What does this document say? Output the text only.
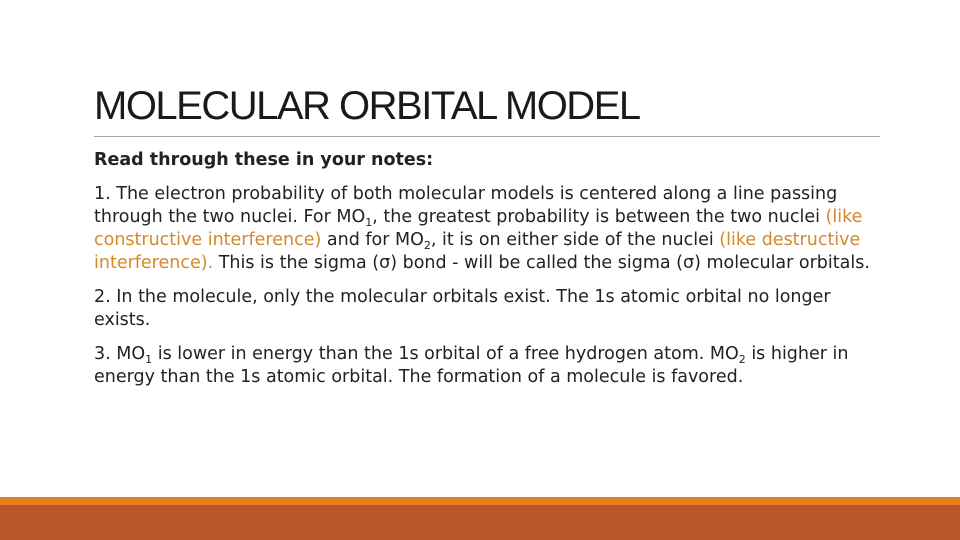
MOLECULAR ORBITAL MODEL

Read through these in your notes:

1. The electron probability of both molecular models is centered along a line passing through the two nuclei. For $MO_1$, the greatest probability is between the two nuclei (like constructive interference) and for $MO_2$, it is on either side of the nuclei (like destructive interference). This is the sigma (σ) bond - will be called the sigma (σ) molecular orbitals.

2. In the molecule, only the molecular orbitals exist. The 1s atomic orbital no longer exists.

3. $MO_1$ is lower in energy than the 1s orbital of a free hydrogen atom. $MO_2$ is higher in energy than the 1s atomic orbital. The formation of a molecule is favored.
